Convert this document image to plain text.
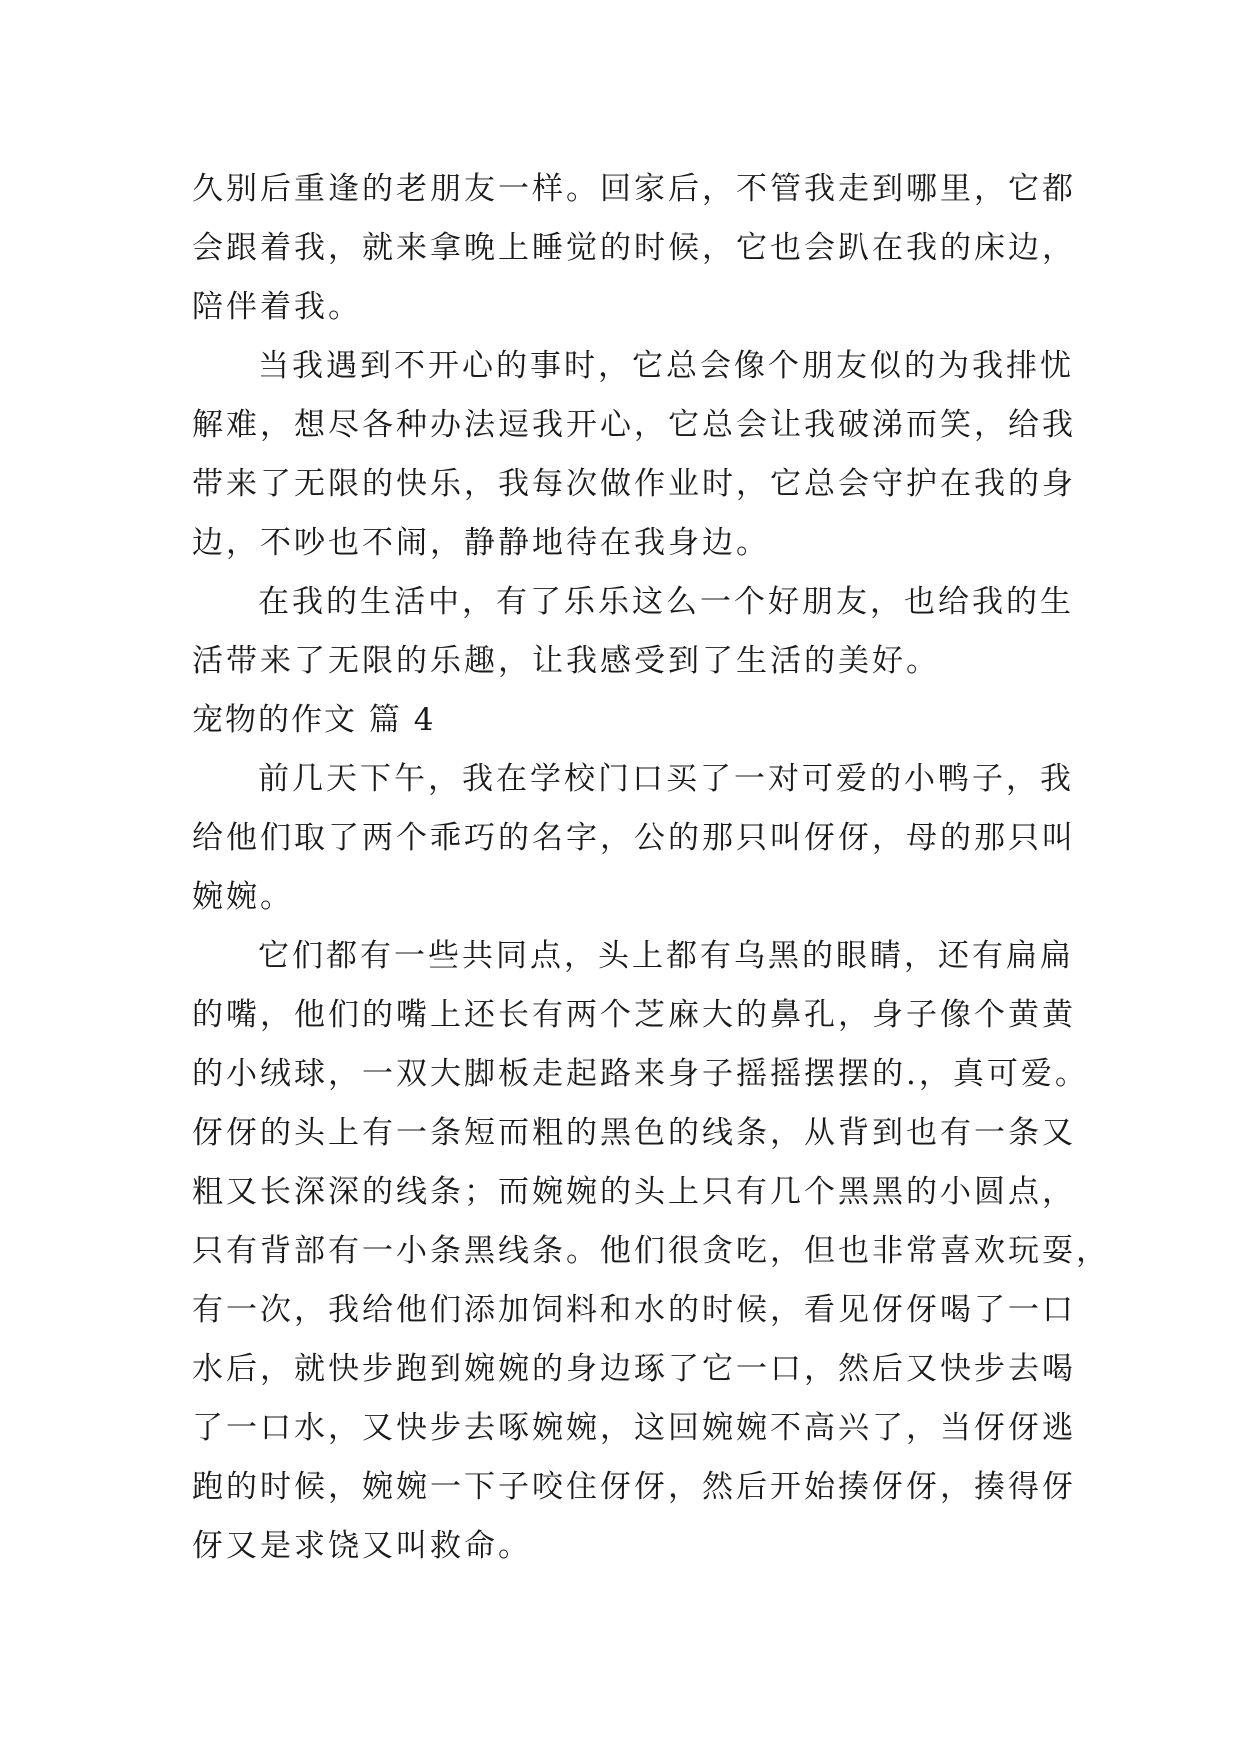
久别后重逢的老朋友一样。回家后，不管我走到哪里，它都
会跟着我，就来拿晚上睡觉的时候，它也会趴在我的床边，
陪伴着我。
当我遇到不开心的事时，它总会像个朋友似的为我排忧
解难，想尽各种办法逗我开心，它总会让我破涕而笑，给我
带来了无限的快乐，我每次做作业时，它总会守护在我的身
边，不吵也不闹，静静地待在我身边。
在我的生活中，有了乐乐这么一个好朋友，也给我的生
活带来了无限的乐趣，让我感受到了生活的美好。
宠物的作文 篇 4
前几天下午，我在学校门口买了一对可爱的小鸭子，我
给他们取了两个乖巧的名字，公的那只叫伢伢，母的那只叫
婉婉。
它们都有一些共同点，头上都有乌黑的眼睛，还有扁扁
的嘴，他们的嘴上还长有两个芝麻大的鼻孔，身子像个黄黄
的小绒球，一双大脚板走起路来身子摇摇摆摆的.，真可爱。
伢伢的头上有一条短而粗的黑色的线条，从背到也有一条又
粗又长深深的线条；而婉婉的头上只有几个黑黑的小圆点，
只有背部有一小条黑线条。他们很贪吃，但也非常喜欢玩耍，
有一次，我给他们添加饲料和水的时候，看见伢伢喝了一口
水后，就快步跑到婉婉的身边琢了它一口，然后又快步去喝
了一口水，又快步去啄婉婉，这回婉婉不高兴了，当伢伢逃
跑的时候，婉婉一下子咬住伢伢，然后开始揍伢伢，揍得伢
伢又是求饶又叫救命。
